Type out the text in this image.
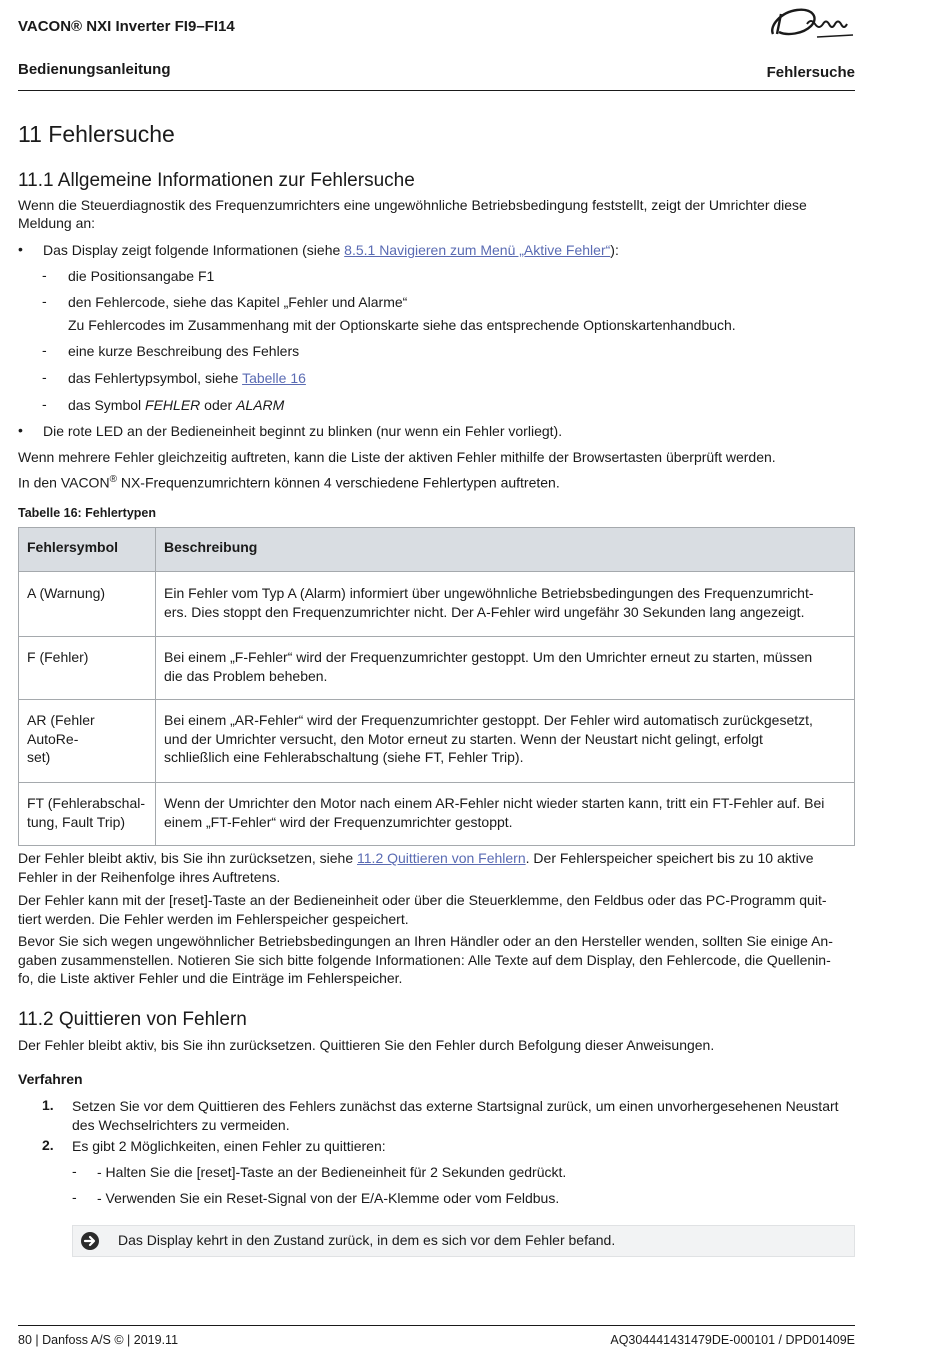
VACON® NXI Inverter FI9–FI14
Bedienungsanleitung	Fehlersuche
11 Fehlersuche
11.1 Allgemeine Informationen zur Fehlersuche
Wenn die Steuerdiagnostik des Frequenzumrichters eine ungewöhnliche Betriebsbedingung feststellt, zeigt der Umrichter diese
Meldung an:
• Das Display zeigt folgende Informationen (siehe 8.5.1 Navigieren zum Menü „Aktive Fehler“):
- die Positionsangabe F1
- den Fehlercode, siehe das Kapitel „Fehler und Alarme“
Zu Fehlercodes im Zusammenhang mit der Optionskarte siehe das entsprechende Optionskartenhandbuch.
- eine kurze Beschreibung des Fehlers
- das Fehlertypsymbol, siehe Tabelle 16
- das Symbol FEHLER oder ALARM
• Die rote LED an der Bedieneinheit beginnt zu blinken (nur wenn ein Fehler vorliegt).
Wenn mehrere Fehler gleichzeitig auftreten, kann die Liste der aktiven Fehler mithilfe der Browsertasten überprüft werden.
In den VACON® NX-Frequenzumrichtern können 4 verschiedene Fehlertypen auftreten.
Tabelle 16: Fehlertypen
Fehlersymbol	Beschreibung
A (Warnung)	Ein Fehler vom Typ A (Alarm) informiert über ungewöhnliche Betriebsbedingungen des Frequenzumricht-
ers. Dies stoppt den Frequenzumrichter nicht. Der A-Fehler wird ungefähr 30 Sekunden lang angezeigt.
F (Fehler)	Bei einem „F-Fehler“ wird der Frequenzumrichter gestoppt. Um den Umrichter erneut zu starten, müssen
die das Problem beheben.
AR (Fehler AutoRe-
set)	Bei einem „AR-Fehler“ wird der Frequenzumrichter gestoppt. Der Fehler wird automatisch zurückgesetzt,
und der Umrichter versucht, den Motor erneut zu starten. Wenn der Neustart nicht gelingt, erfolgt
schließlich eine Fehlerabschaltung (siehe FT, Fehler Trip).
FT (Fehlerabschal-
tung, Fault Trip)	Wenn der Umrichter den Motor nach einem AR-Fehler nicht wieder starten kann, tritt ein FT-Fehler auf. Bei
einem „FT-Fehler“ wird der Frequenzumrichter gestoppt.
Der Fehler bleibt aktiv, bis Sie ihn zurücksetzen, siehe 11.2 Quittieren von Fehlern. Der Fehlerspeicher speichert bis zu 10 aktive
Fehler in der Reihenfolge ihres Auftretens.
Der Fehler kann mit der [reset]-Taste an der Bedieneinheit oder über die Steuerklemme, den Feldbus oder das PC-Programm quit-
tiert werden. Die Fehler werden im Fehlerspeicher gespeichert.
Bevor Sie sich wegen ungewöhnlicher Betriebsbedingungen an Ihren Händler oder an den Hersteller wenden, sollten Sie einige An-
gaben zusammenstellen. Notieren Sie sich bitte folgende Informationen: Alle Texte auf dem Display, den Fehlercode, die Quellenin-
fo, die Liste aktiver Fehler und die Einträge im Fehlerspeicher.
11.2 Quittieren von Fehlern
Der Fehler bleibt aktiv, bis Sie ihn zurücksetzen. Quittieren Sie den Fehler durch Befolgung dieser Anweisungen.
Verfahren
1. Setzen Sie vor dem Quittieren des Fehlers zunächst das externe Startsignal zurück, um einen unvorhergesehenen Neustart
des Wechselrichters zu vermeiden.
2. Es gibt 2 Möglichkeiten, einen Fehler zu quittieren:
- - Halten Sie die [reset]-Taste an der Bedieneinheit für 2 Sekunden gedrückt.
- - Verwenden Sie ein Reset-Signal von der E/A-Klemme oder vom Feldbus.
Das Display kehrt in den Zustand zurück, in dem es sich vor dem Fehler befand.
80 | Danfoss A/S © | 2019.11	AQ304441431479DE-000101 / DPD01409E
